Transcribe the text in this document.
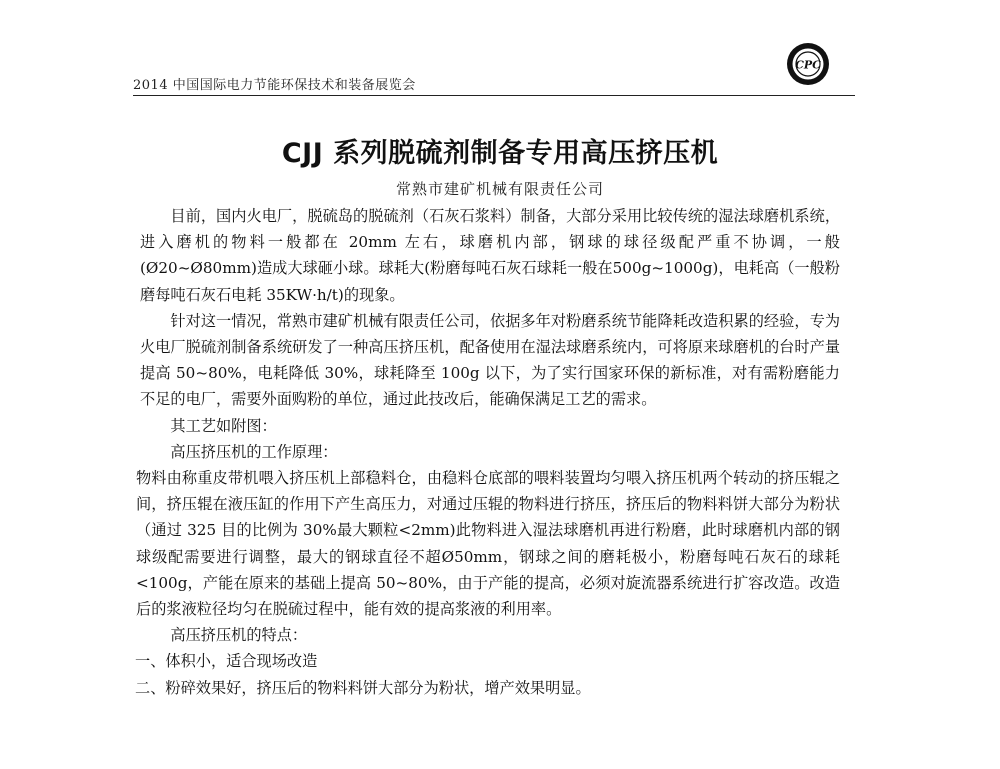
2014 中国国际电力节能环保技术和装备展览会
CPC
CJJ 系列脱硫剂制备专用高压挤压机
常熟市建矿机械有限责任公司

目前，国内火电厂，脱硫岛的脱硫剂（石灰石浆料）制备，大部分采用比较传统的湿法球磨机系统，进入磨机的物料一般都在 20mm 左右，球磨机内部，钢球的球径级配严重不协调，一般(Ø20~Ø80mm)造成大球砸小球。球耗大(粉磨每吨石灰石球耗一般在500g~1000g)，电耗高（一般粉磨每吨石灰石电耗 35KW·h/t)的现象。

针对这一情况，常熟市建矿机械有限责任公司，依据多年对粉磨系统节能降耗改造积累的经验，专为火电厂脱硫剂制备系统研发了一种高压挤压机，配备使用在湿法球磨系统内，可将原来球磨机的台时产量提高 50~80%，电耗降低 30%，球耗降至 100g 以下，为了实行国家环保的新标准，对有需粉磨能力不足的电厂，需要外面购粉的单位，通过此技改后，能确保满足工艺的需求。

其工艺如附图：

高压挤压机的工作原理：

物料由称重皮带机喂入挤压机上部稳料仓，由稳料仓底部的喂料装置均匀喂入挤压机两个转动的挤压辊之间，挤压辊在液压缸的作用下产生高压力，对通过压辊的物料进行挤压，挤压后的物料料饼大部分为粉状（通过 325 目的比例为 30%最大颗粒<2mm)此物料进入湿法球磨机再进行粉磨，此时球磨机内部的钢球级配需要进行调整，最大的钢球直径不超Ø50mm，钢球之间的磨耗极小，粉磨每吨石灰石的球耗<100g，产能在原来的基础上提高 50~80%，由于产能的提高，必须对旋流器系统进行扩容改造。改造后的浆液粒径均匀在脱硫过程中，能有效的提高浆液的利用率。

高压挤压机的特点：

一、体积小，适合现场改造

二、粉碎效果好，挤压后的物料料饼大部分为粉状，增产效果明显。
